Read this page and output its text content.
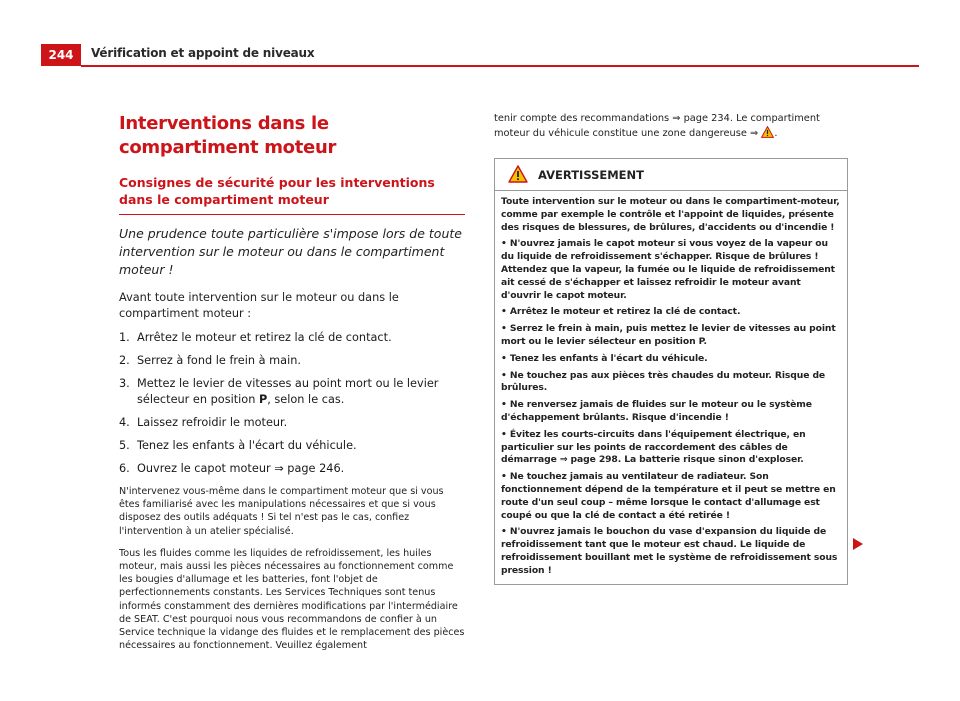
244	Vérification et appoint de niveaux
Interventions dans le compartiment moteur
Consignes de sécurité pour les interventions dans le compartiment moteur

Une prudence toute particulière s'impose lors de toute intervention sur le moteur ou dans le compartiment moteur !

Avant toute intervention sur le moteur ou dans le compartiment moteur :

1. Arrêtez le moteur et retirez la clé de contact.
2. Serrez à fond le frein à main.
3. Mettez le levier de vitesses au point mort ou le levier sélecteur en position P, selon le cas.
4. Laissez refroidir le moteur.
5. Tenez les enfants à l'écart du véhicule.
6. Ouvrez le capot moteur ⇒ page 246.

N'intervenez vous-même dans le compartiment moteur que si vous êtes familiarisé avec les manipulations nécessaires et que si vous disposez des outils adéquats ! Si tel n'est pas le cas, confiez l'intervention à un atelier spécialisé.

Tous les fluides comme les liquides de refroidissement, les huiles moteur, mais aussi les pièces nécessaires au fonctionnement comme les bougies d'allumage et les batteries, font l'objet de perfectionnements constants. Les Services Techniques sont tenus informés constamment des dernières modifications par l'intermédiaire de SEAT. C'est pourquoi nous vous recommandons de confier à un Service technique la vidange des fluides et le remplacement des pièces nécessaires au fonctionnement. Veuillez également

tenir compte des recommandations ⇒ page 234. Le compartiment moteur du véhicule constitue une zone dangereuse ⇒ .

AVERTISSEMENT

Toute intervention sur le moteur ou dans le compartiment-moteur, comme par exemple le contrôle et l'appoint de liquides, présente des risques de blessures, de brûlures, d'accidents ou d'incendie !

• N'ouvrez jamais le capot moteur si vous voyez de la vapeur ou du liquide de refroidissement s'échapper. Risque de brûlures ! Attendez que la vapeur, la fumée ou le liquide de refroidissement ait cessé de s'échapper et laissez refroidir le moteur avant d'ouvrir le capot moteur.

• Arrêtez le moteur et retirez la clé de contact.

• Serrez le frein à main, puis mettez le levier de vitesses au point mort ou le levier sélecteur en position P.

• Tenez les enfants à l'écart du véhicule.

• Ne touchez pas aux pièces très chaudes du moteur. Risque de brûlures.

• Ne renversez jamais de fluides sur le moteur ou le système d'échappement brûlants. Risque d'incendie !

• Évitez les courts-circuits dans l'équipement électrique, en particulier sur les points de raccordement des câbles de démarrage ⇒ page 298. La batterie risque sinon d'exploser.

• Ne touchez jamais au ventilateur de radiateur. Son fonctionnement dépend de la température et il peut se mettre en route d'un seul coup – même lorsque le contact d'allumage est coupé ou que la clé de contact a été retirée !

• N'ouvrez jamais le bouchon du vase d'expansion du liquide de refroidissement tant que le moteur est chaud. Le liquide de refroidissement bouillant met le système de refroidissement sous pression !
